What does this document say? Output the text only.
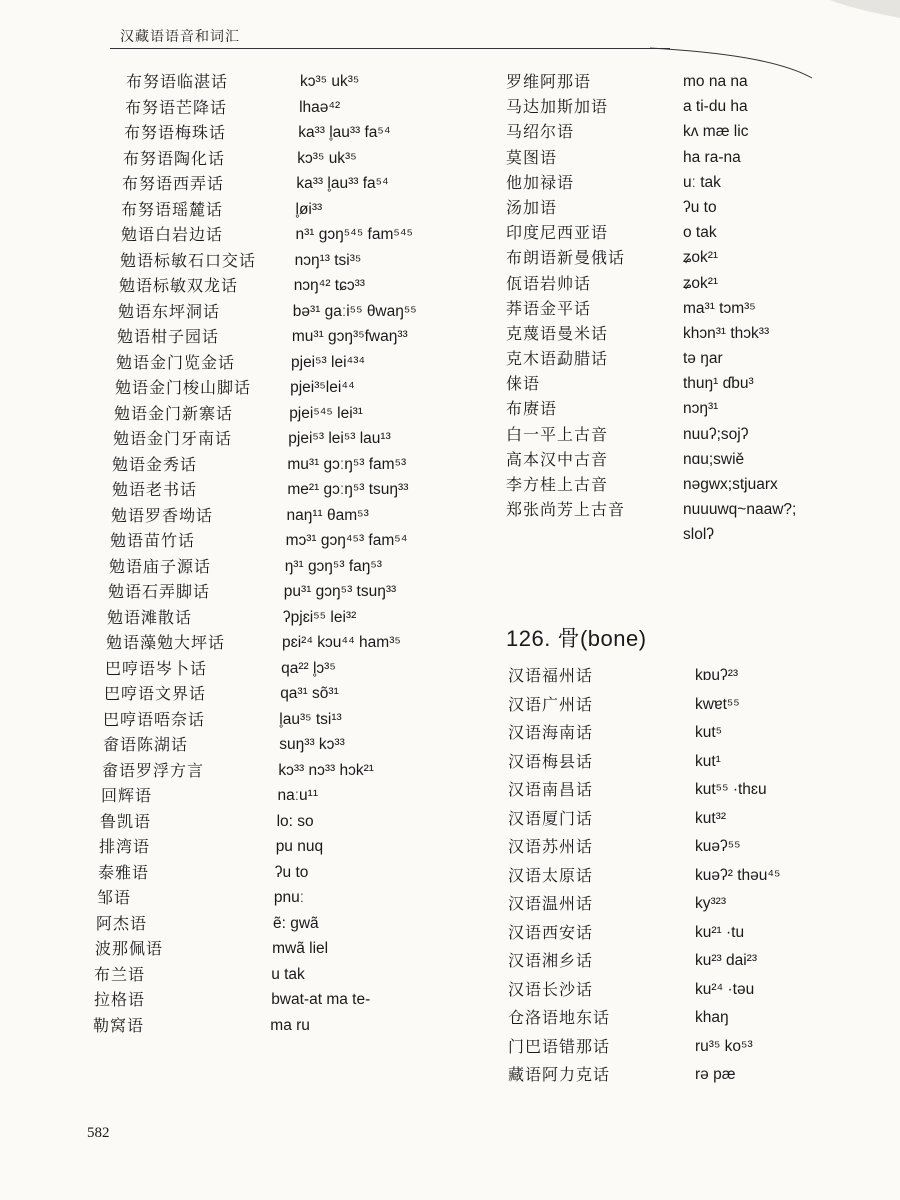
汉藏语语音和词汇
布努语临湛话	kɔ³⁵ uk³⁵
布努语芒降话	lhaə⁴²
布努语梅珠话	ka³³ l̥au³³ fa⁵⁴
布努语陶化话	kɔ³⁵ uk³⁵
布努语西弄话	ka³³ l̥au³³ fa⁵⁴
布努语瑶麓话	l̥øi³³
勉语白岩边话	n³¹ gɔŋ⁵⁴⁵ fam⁵⁴⁵
勉语标敏石口交话 nɔŋ¹³ tsi³⁵
勉语标敏双龙话	nɔŋ⁴² tɕɔ³³
勉语东坪洞话	bə³¹ gaːi⁵⁵ θwaŋ⁵⁵
勉语柑子园话	mu³¹ gɔŋ³⁵fwaŋ³³
勉语金门览金话	pjei⁵³ lei⁴³⁴
勉语金门梭山脚话	pjei³⁵lei⁴⁴
勉语金门新寨话	pjei⁵⁴⁵ lei³¹
勉语金门牙南话	pjei⁵³ lei⁵³ lau¹³
勉语金秀话	mu³¹ gɔːŋ⁵³ fam⁵³
勉语老书话	me²¹ gɔːŋ⁵³ tsuŋ³³
勉语罗香坳话	naŋ¹¹ θam⁵³
勉语苗竹话	mɔ³¹ gɔŋ⁴⁵³ fam⁵⁴
勉语庙子源话	ŋ³¹ gɔŋ⁵³ faŋ⁵³
勉语石弄脚话	pu³¹ gɔŋ⁵³ tsuŋ³³
勉语滩散话	ʔpjɛi⁵⁵ lei³²
勉语藻勉大坪话	pɛi²⁴ kɔu⁴⁴ ham³⁵
巴哼语岑卜话	qa²² l̥ɔ³⁵
巴哼语文界话	qa³¹ sõ³¹
巴哼语唔奈话	l̥au³⁵ tsi¹³
畲语陈湖话	suŋ³³ kɔ³³
畲语罗浮方言	kɔ³³ nɔ³³ hɔk²¹
回辉语	naːu¹¹
鲁凯语	lo: so
排湾语	pu nuq
泰雅语	ʔu to
邹语	pnuː
阿杰语	ẽ: gwã
波那佩语	mwã liel
布兰语	u tak
拉格语	bwat-at ma te-
勒窝语	ma ru
罗维阿那语	mo na na
马达加斯加语	a ti-du ha
马绍尔语	kʌ mæ lic
莫图语	ha ra-na
他加禄语	uː tak
汤加语	ʔu to
印度尼西亚语	o tak
布朗语新曼俄话	ʑok²¹
佤语岩帅话	ʑok²¹
莽语金平话	ma³¹ tɔm³⁵
克蔑语曼米话	khɔn³¹ thɔk³³
克木语勐腊话	tə ŋar
俫语	thuŋ¹ ɗbu³
布赓语	nɔŋ³¹
白一平上古音	nuuʔ;sojʔ
高本汉中古音	nɑu;swiě
李方桂上古音	nəgwx;stjuarx
郑张尚芳上古音	nuuuwq~naaw?;
slolʔ
126. 骨(bone)
汉语福州话	kɒuʔ²³
汉语广州话	kwɐt⁵⁵
汉语海南话	kut⁵
汉语梅县话	kut¹
汉语南昌话	kut⁵⁵ ·thɛu
汉语厦门话	kut³²
汉语苏州话	kuəʔ⁵⁵
汉语太原话	kuəʔ² thəu⁴⁵
汉语温州话	ky³²³
汉语西安话	ku²¹ ·tu
汉语湘乡话	ku²³ dai²³
汉语长沙话	ku²⁴ ·təu
仓洛语地东话	khaŋ
门巴语错那话	ru³⁵ ko⁵³
藏语阿力克话	rə pæ
582
